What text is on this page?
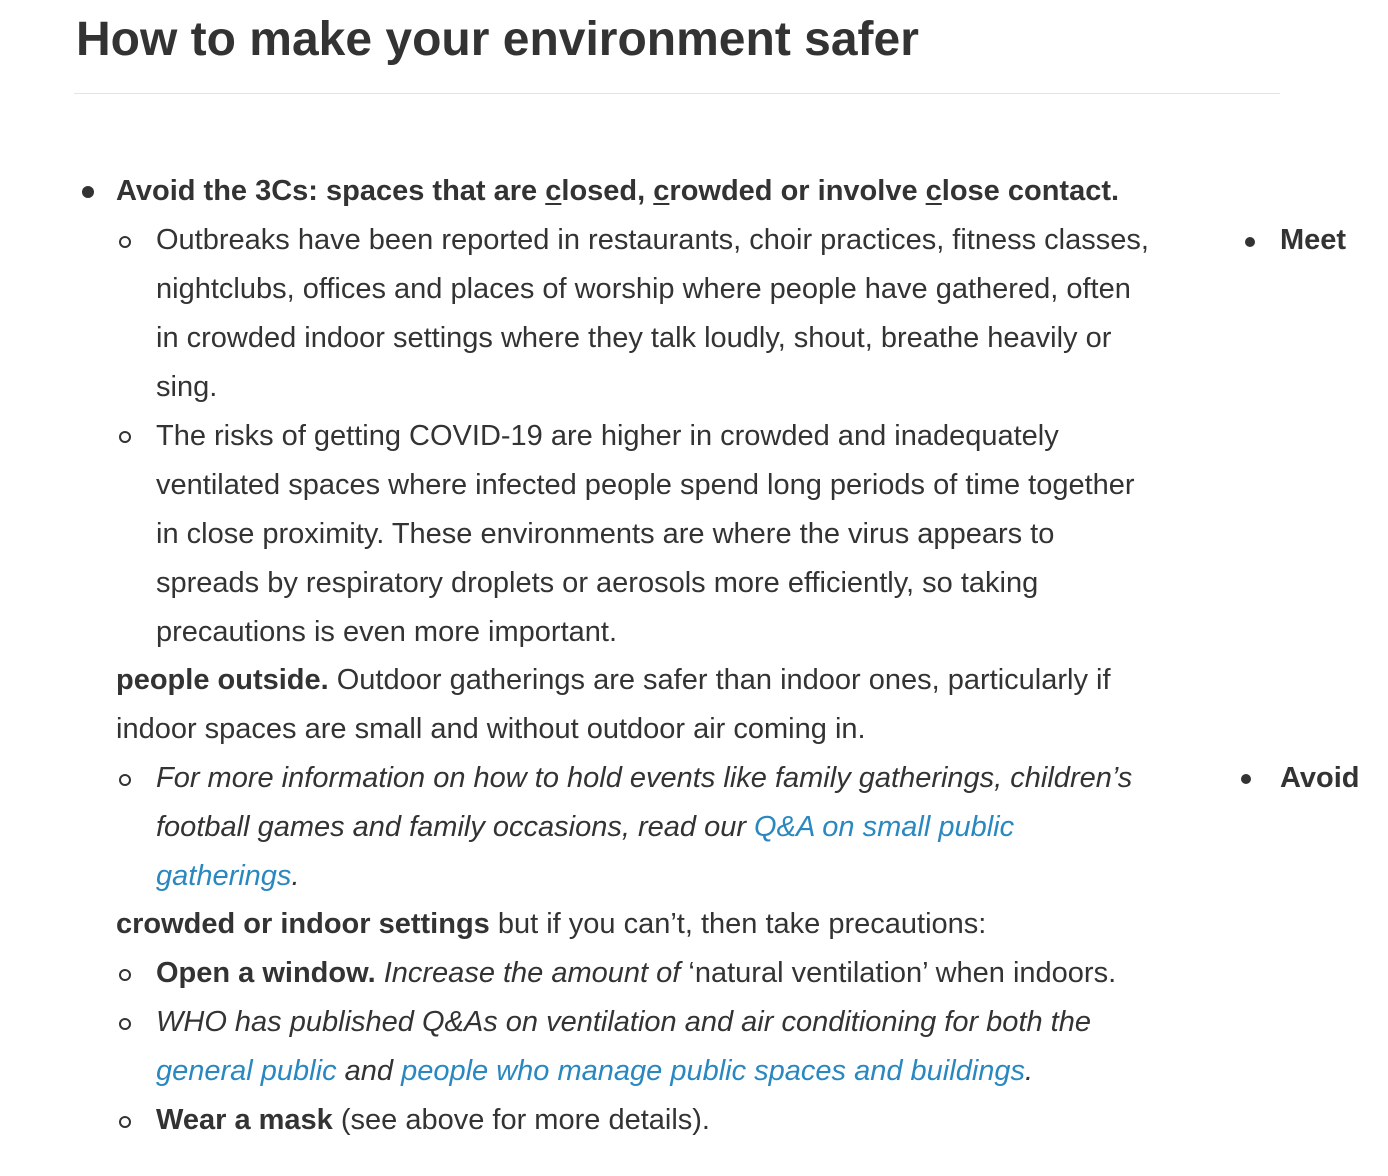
How to make your environment safer
Avoid the 3Cs: spaces that are closed, crowded or involve close contact.
Outbreaks have been reported in restaurants, choir practices, fitness classes,
nightclubs, offices and places of worship where people have gathered, often
in crowded indoor settings where they talk loudly, shout, breathe heavily or
sing.
Meet
The risks of getting COVID-19 are higher in crowded and inadequately
ventilated spaces where infected people spend long periods of time together
in close proximity. These environments are where the virus appears to
spreads by respiratory droplets or aerosols more efficiently, so taking
precautions is even more important.
people outside. Outdoor gatherings are safer than indoor ones, particularly if
indoor spaces are small and without outdoor air coming in.
For more information on how to hold events like family gatherings, children’s	Avoid
football games and family occasions, read our Q&A on small public
gatherings.
crowded or indoor settings but if you can’t, then take precautions:
Open a window. Increase the amount of ‘natural ventilation’ when indoors.
WHO has published Q&As on ventilation and air conditioning for both the
general public and people who manage public spaces and buildings.
Wear a mask (see above for more details).
